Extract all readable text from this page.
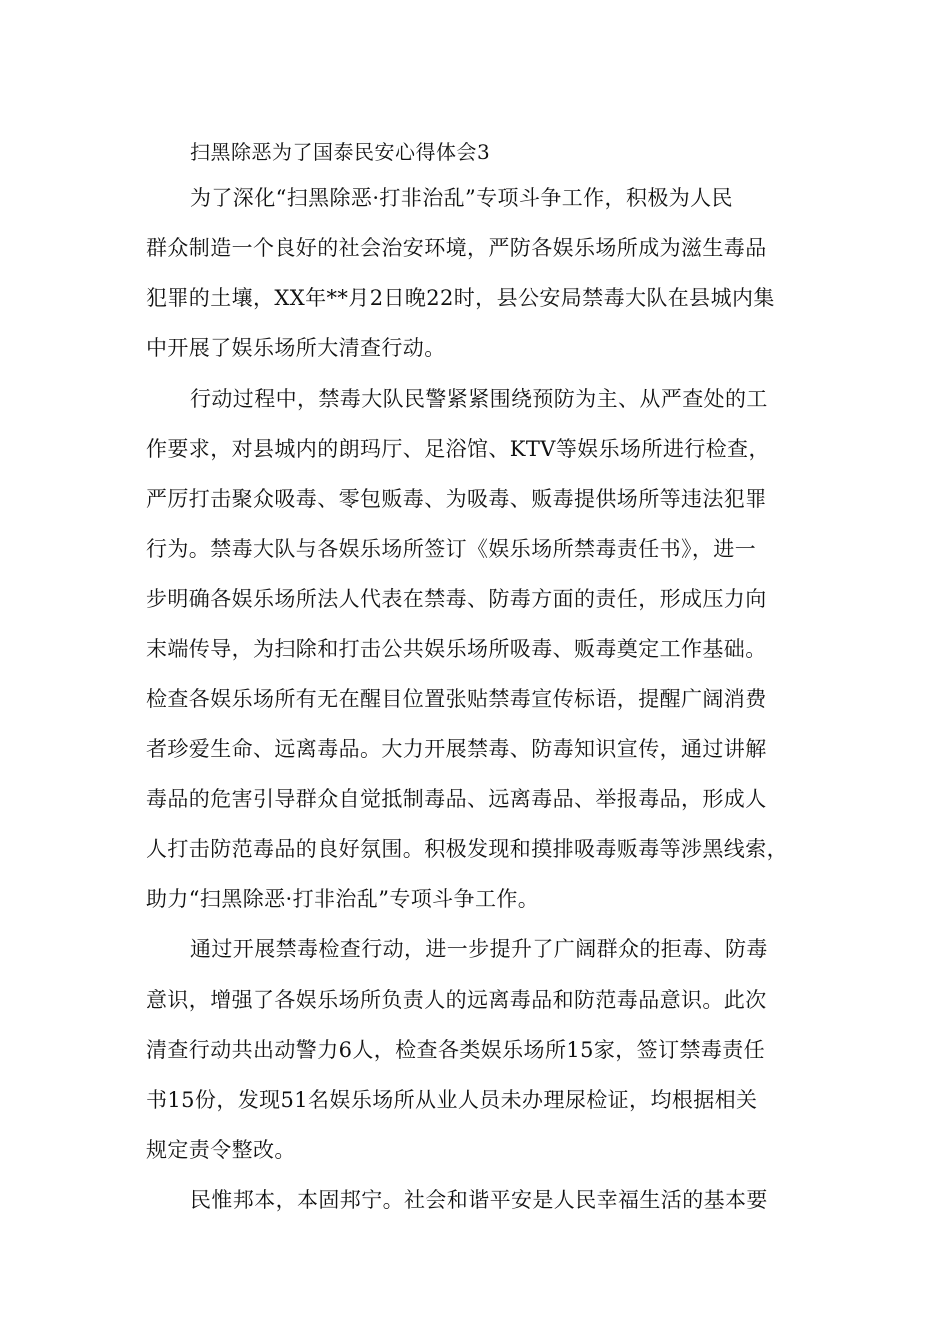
扫黑除恶为了国泰民安心得体会3
为了深化“扫黑除恶·打非治乱”专项斗争工作，积极为人民
群众制造一个良好的社会治安环境，严防各娱乐场所成为滋生毒品
犯罪的土壤，XX年**月2日晚22时，县公安局禁毒大队在县城内集
中开展了娱乐场所大清查行动。
行动过程中，禁毒大队民警紧紧围绕预防为主、从严查处的工
作要求，对县城内的朗玛厅、足浴馆、KTV等娱乐场所进行检查，
严厉打击聚众吸毒、零包贩毒、为吸毒、贩毒提供场所等违法犯罪
行为。禁毒大队与各娱乐场所签订《娱乐场所禁毒责任书》，进一
步明确各娱乐场所法人代表在禁毒、防毒方面的责任，形成压力向
末端传导，为扫除和打击公共娱乐场所吸毒、贩毒奠定工作基础。
检查各娱乐场所有无在醒目位置张贴禁毒宣传标语，提醒广阔消费
者珍爱生命、远离毒品。大力开展禁毒、防毒知识宣传，通过讲解
毒品的危害引导群众自觉抵制毒品、远离毒品、举报毒品，形成人
人打击防范毒品的良好氛围。积极发现和摸排吸毒贩毒等涉黑线索，
助力“扫黑除恶·打非治乱”专项斗争工作。
通过开展禁毒检查行动，进一步提升了广阔群众的拒毒、防毒
意识，增强了各娱乐场所负责人的远离毒品和防范毒品意识。此次
清查行动共出动警力6人，检查各类娱乐场所15家，签订禁毒责任
书15份，发现51名娱乐场所从业人员未办理尿检证，均根据相关
规定责令整改。
民惟邦本，本固邦宁。社会和谐平安是人民幸福生活的基本要
